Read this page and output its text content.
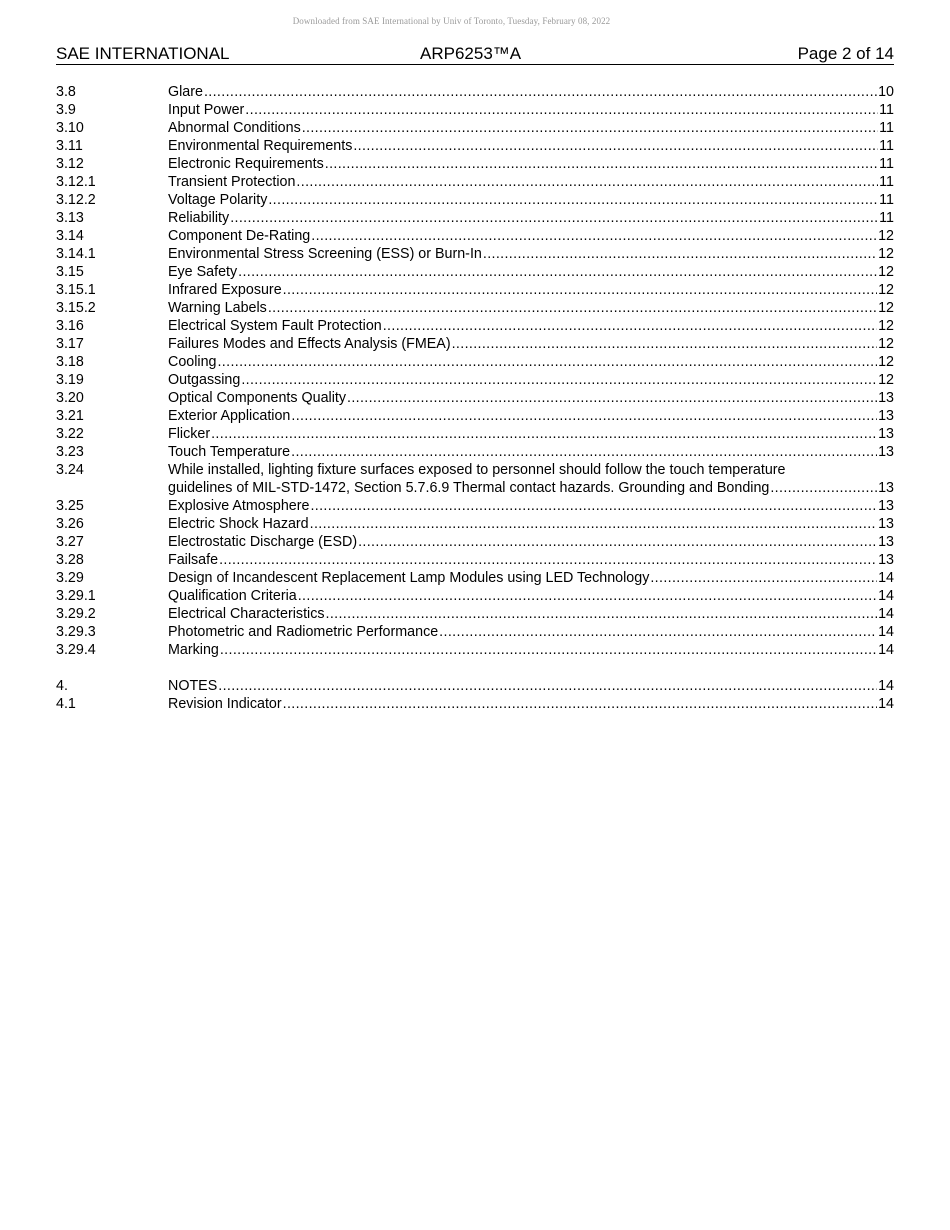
Downloaded from SAE International by Univ of Toronto, Tuesday, February 08, 2022
SAE INTERNATIONAL	ARP6253™A	Page 2 of 14
3.8	Glare .....	10
3.9	Input Power .....	11
3.10	Abnormal Conditions .....	11
3.11	Environmental Requirements .....	11
3.12	Electronic Requirements .....	11
3.12.1	Transient Protection .....	11
3.12.2	Voltage Polarity .....	11
3.13	Reliability .....	11
3.14	Component De-Rating .....	12
3.14.1	Environmental Stress Screening (ESS) or Burn-In .....	12
3.15	Eye Safety .....	12
3.15.1	Infrared Exposure .....	12
3.15.2	Warning Labels .....	12
3.16	Electrical System Fault Protection .....	12
3.17	Failures Modes and Effects Analysis (FMEA) .....	12
3.18	Cooling .....	12
3.19	Outgassing .....	12
3.20	Optical Components Quality .....	13
3.21	Exterior Application .....	13
3.22	Flicker .....	13
3.23	Touch Temperature .....	13
3.24	While installed, lighting fixture surfaces exposed to personnel should follow the touch temperature
guidelines of MIL-STD-1472, Section 5.7.6.9 Thermal contact hazards. Grounding and Bonding .....	13
3.25	Explosive Atmosphere .....	13
3.26	Electric Shock Hazard .....	13
3.27	Electrostatic Discharge (ESD) .....	13
3.28	Failsafe .....	13
3.29	Design of Incandescent Replacement Lamp Modules using LED Technology .....	14
3.29.1	Qualification Criteria .....	14
3.29.2	Electrical Characteristics .....	14
3.29.3	Photometric and Radiometric Performance .....	14
3.29.4	Marking .....	14
4.	NOTES .....	14
4.1	Revision Indicator .....	14
